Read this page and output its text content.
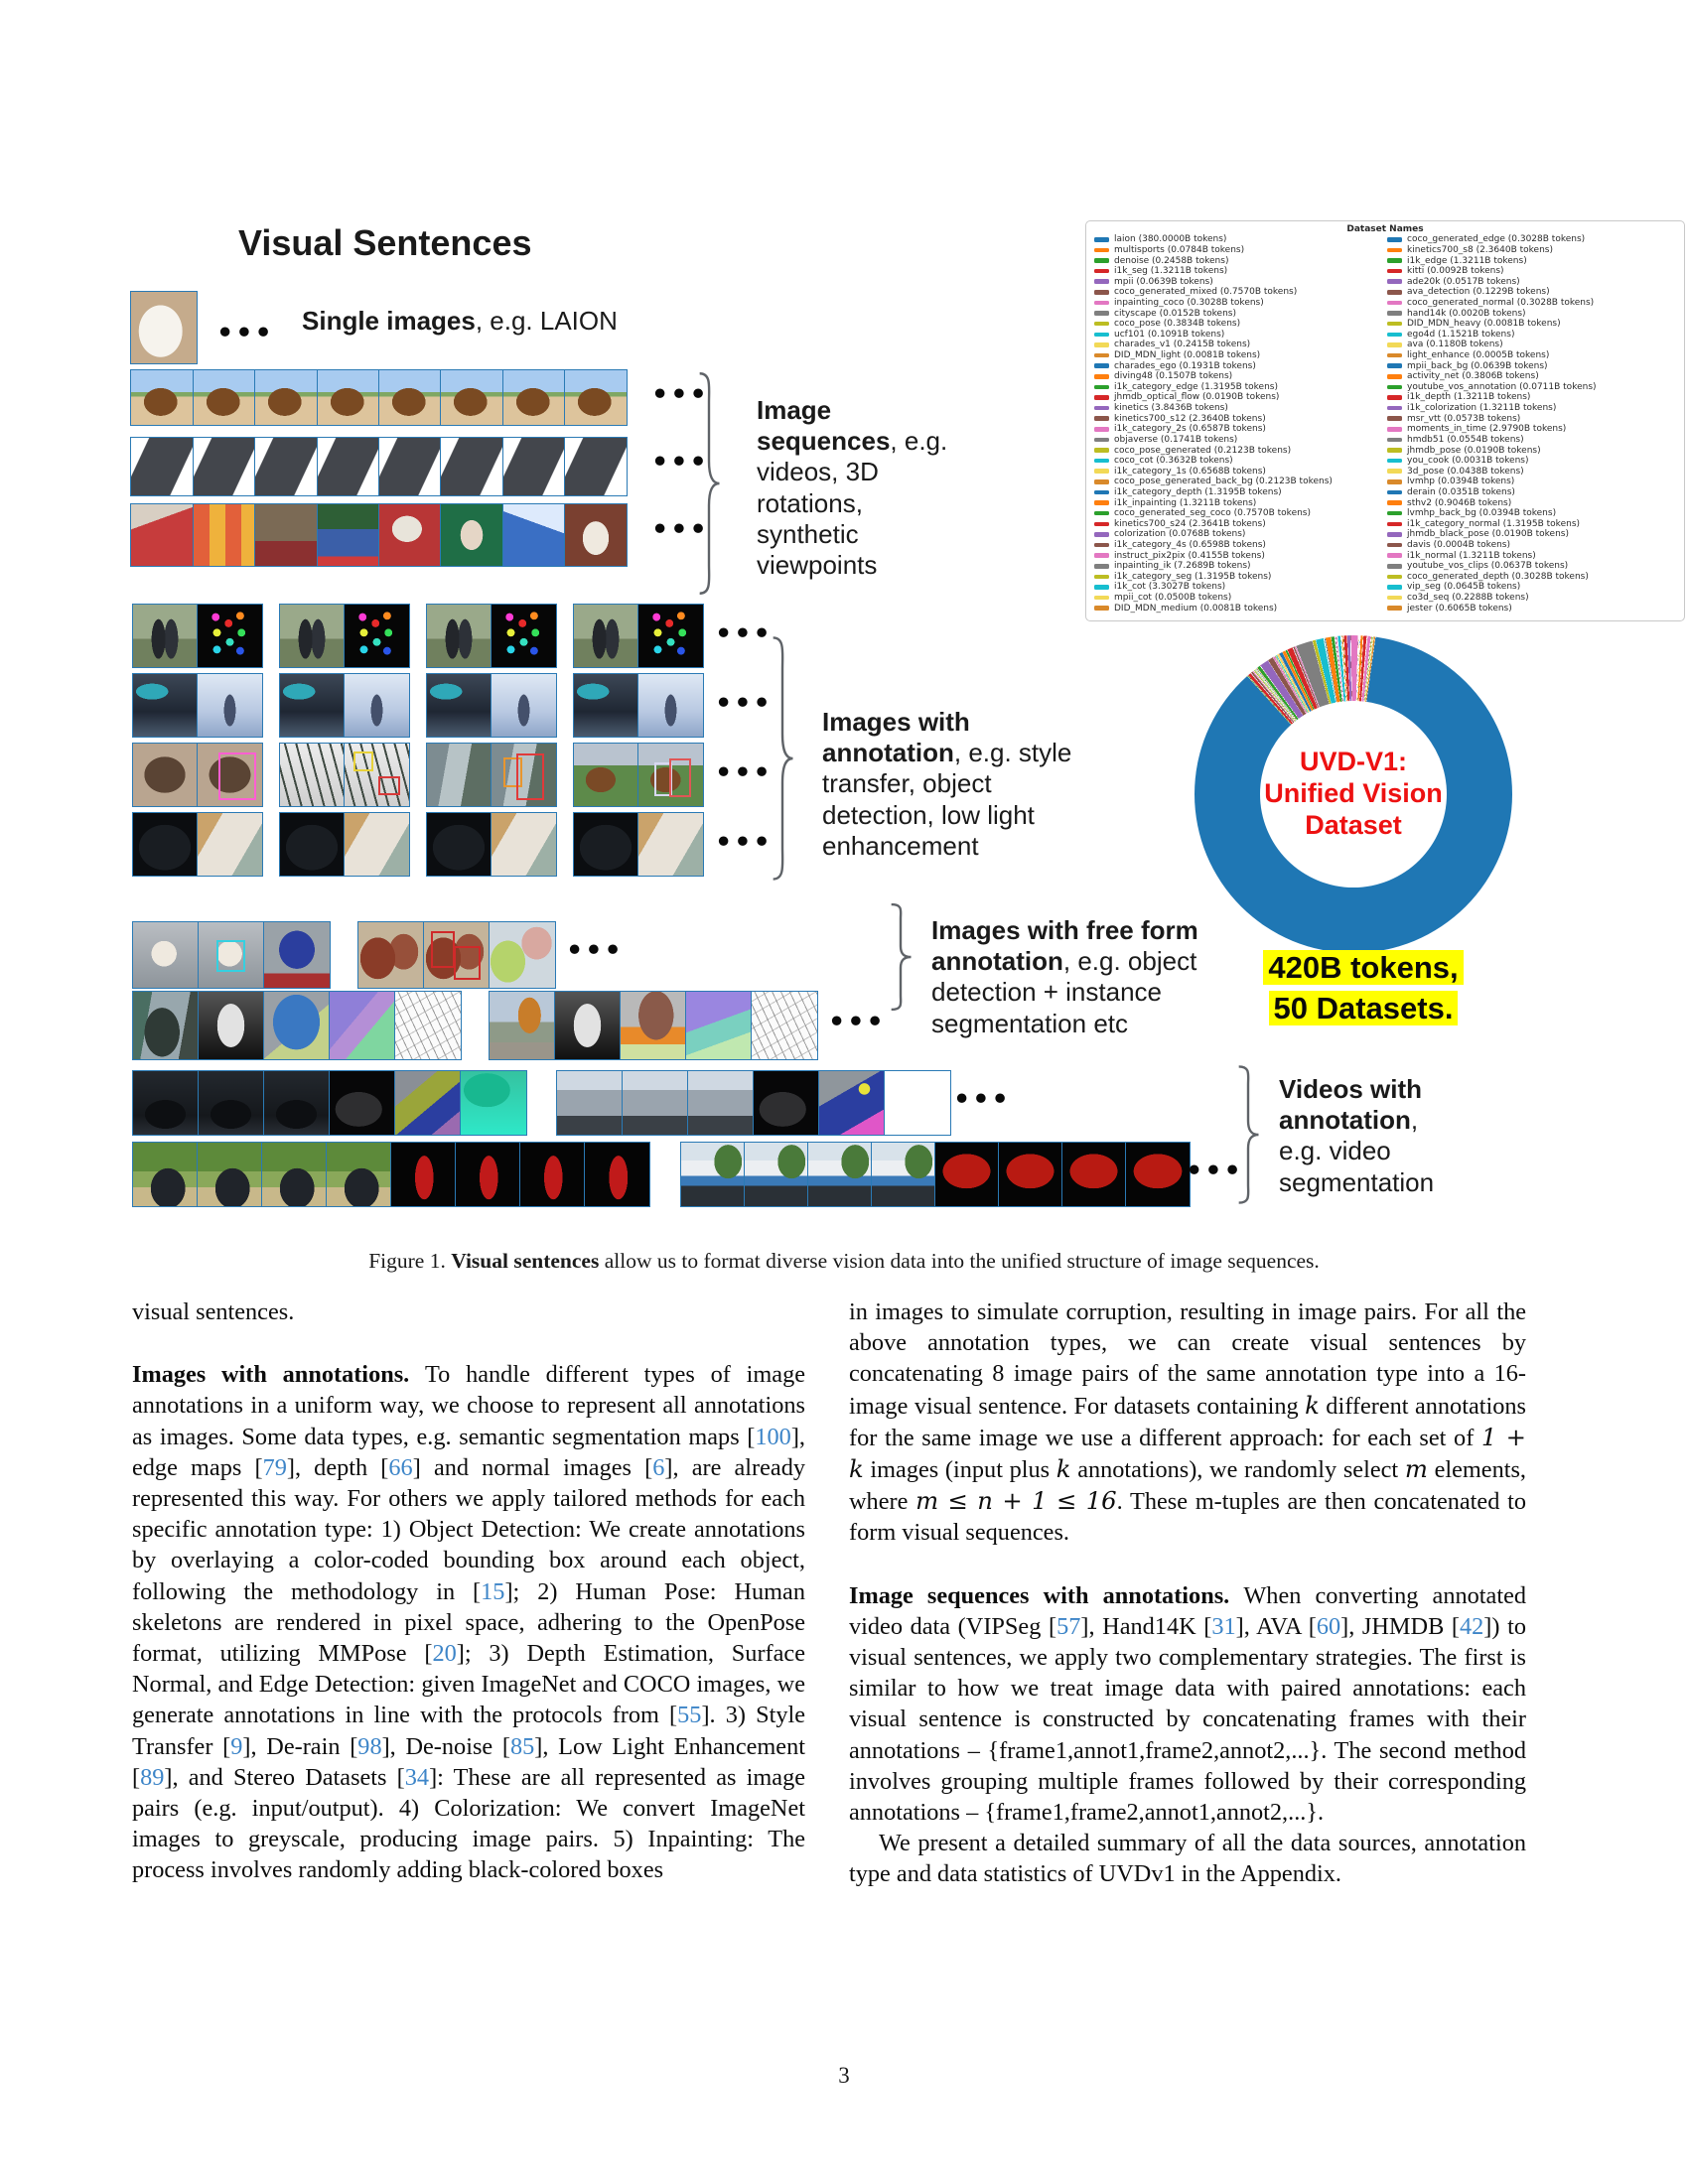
Visual Sentences
Single images, e.g. LAION
Image sequences, e.g. videos, 3D rotations, synthetic viewpoints
Images with annotation, e.g. style transfer, object detection, low light enhancement
Images with free form annotation, e.g. object detection + instance segmentation etc
Videos with annotation, e.g. video segmentation
Dataset Names
laion (380.0000B tokens)
multisports (0.0784B tokens)
denoise (0.2458B tokens)
i1k_seg (1.3211B tokens)
mpii (0.0639B tokens)
coco_generated_mixed (0.7570B tokens)
inpainting_coco (0.3028B tokens)
cityscape (0.0152B tokens)
coco_pose (0.3834B tokens)
ucf101 (0.1091B tokens)
charades_v1 (0.2415B tokens)
DID_MDN_light (0.0081B tokens)
charades_ego (0.1931B tokens)
diving48 (0.1507B tokens)
i1k_category_edge (1.3195B tokens)
jhmdb_optical_flow (0.0190B tokens)
kinetics (3.8436B tokens)
kinetics700_s12 (2.3640B tokens)
i1k_category_2s (0.6587B tokens)
objaverse (0.1741B tokens)
coco_pose_generated (0.2123B tokens)
coco_cot (0.3632B tokens)
i1k_category_1s (0.6568B tokens)
coco_pose_generated_back_bg (0.2123B tokens)
i1k_category_depth (1.3195B tokens)
i1k_inpainting (1.3211B tokens)
coco_generated_seg_coco (0.7570B tokens)
kinetics700_s24 (2.3641B tokens)
colorization (0.0768B tokens)
i1k_category_4s (0.6598B tokens)
instruct_pix2pix (0.4155B tokens)
inpainting_ik (7.2689B tokens)
i1k_category_seg (1.3195B tokens)
i1k_cot (3.3027B tokens)
mpii_cot (0.0500B tokens)
DID_MDN_medium (0.0081B tokens)
coco_generated_edge (0.3028B tokens)
kinetics700_s8 (2.3640B tokens)
i1k_edge (1.3211B tokens)
kitti (0.0092B tokens)
ade20k (0.0517B tokens)
ava_detection (0.1229B tokens)
coco_generated_normal (0.3028B tokens)
hand14k (0.0020B tokens)
DID_MDN_heavy (0.0081B tokens)
ego4d (1.1521B tokens)
ava (0.1180B tokens)
light_enhance (0.0005B tokens)
mpii_back_bg (0.0639B tokens)
activity_net (0.3806B tokens)
youtube_vos_annotation (0.0711B tokens)
i1k_depth (1.3211B tokens)
i1k_colorization (1.3211B tokens)
msr_vtt (0.0573B tokens)
moments_in_time (2.9790B tokens)
hmdb51 (0.0554B tokens)
jhmdb_pose (0.0190B tokens)
you_cook (0.0031B tokens)
3d_pose (0.0438B tokens)
lvmhp (0.0394B tokens)
derain (0.0351B tokens)
sthv2 (0.9046B tokens)
lvmhp_back_bg (0.0394B tokens)
i1k_category_normal (1.3195B tokens)
jhmdb_black_pose (0.0190B tokens)
davis (0.0004B tokens)
i1k_normal (1.3211B tokens)
youtube_vos_clips (0.0637B tokens)
coco_generated_depth (0.3028B tokens)
vip_seg (0.0645B tokens)
co3d_seq (0.2288B tokens)
jester (0.6065B tokens)
UVD-V1:
Unified Vision
Dataset
420B tokens,
50 Datasets.
Figure 1. Visual sentences allow us to format diverse vision data into the unified structure of image sequences.

visual sentences.

Images with annotations. To handle different types of image annotations in a uniform way, we choose to represent all annotations as images. Some data types, e.g. semantic segmentation maps [100], edge maps [79], depth [66] and normal images [6], are already represented this way. For others we apply tailored methods for each specific annotation type: 1) Object Detection: We create annotations by overlaying a color-coded bounding box around each object, following the methodology in [15]; 2) Human Pose: Human skeletons are rendered in pixel space, adhering to the OpenPose format, utilizing MMPose [20]; 3) Depth Estimation, Surface Normal, and Edge Detection: given ImageNet and COCO images, we generate annotations in line with the protocols from [55]. 3) Style Transfer [9], De-rain [98], De-noise [85], Low Light Enhancement [89], and Stereo Datasets [34]: These are all represented as image pairs (e.g. input/output). 4) Colorization: We convert ImageNet images to greyscale, producing image pairs. 5) Inpainting: The process involves randomly adding black-colored boxes

in images to simulate corruption, resulting in image pairs. For all the above annotation types, we can create visual sentences by concatenating 8 image pairs of the same annotation type into a 16-image visual sentence. For datasets containing k different annotations for the same image we use a different approach: for each set of 1 + k images (input plus k annotations), we randomly select m elements, where m ≤ n + 1 ≤ 16. These m-tuples are then concatenated to form visual sequences.

Image sequences with annotations. When converting annotated video data (VIPSeg [57], Hand14K [31], AVA [60], JHMDB [42]) to visual sentences, we apply two complementary strategies. The first is similar to how we treat image data with paired annotations: each visual sentence is constructed by concatenating frames with their annotations – {frame1,annot1,frame2,annot2,...}. The second method involves grouping multiple frames followed by their corresponding annotations – {frame1,frame2,annot1,annot2,...}.

We present a detailed summary of all the data sources, annotation type and data statistics of UVDv1 in the Appendix.

3
•••
•••
•••
•••
•••
•••
•••
•••
•••
•••
•••
•••
